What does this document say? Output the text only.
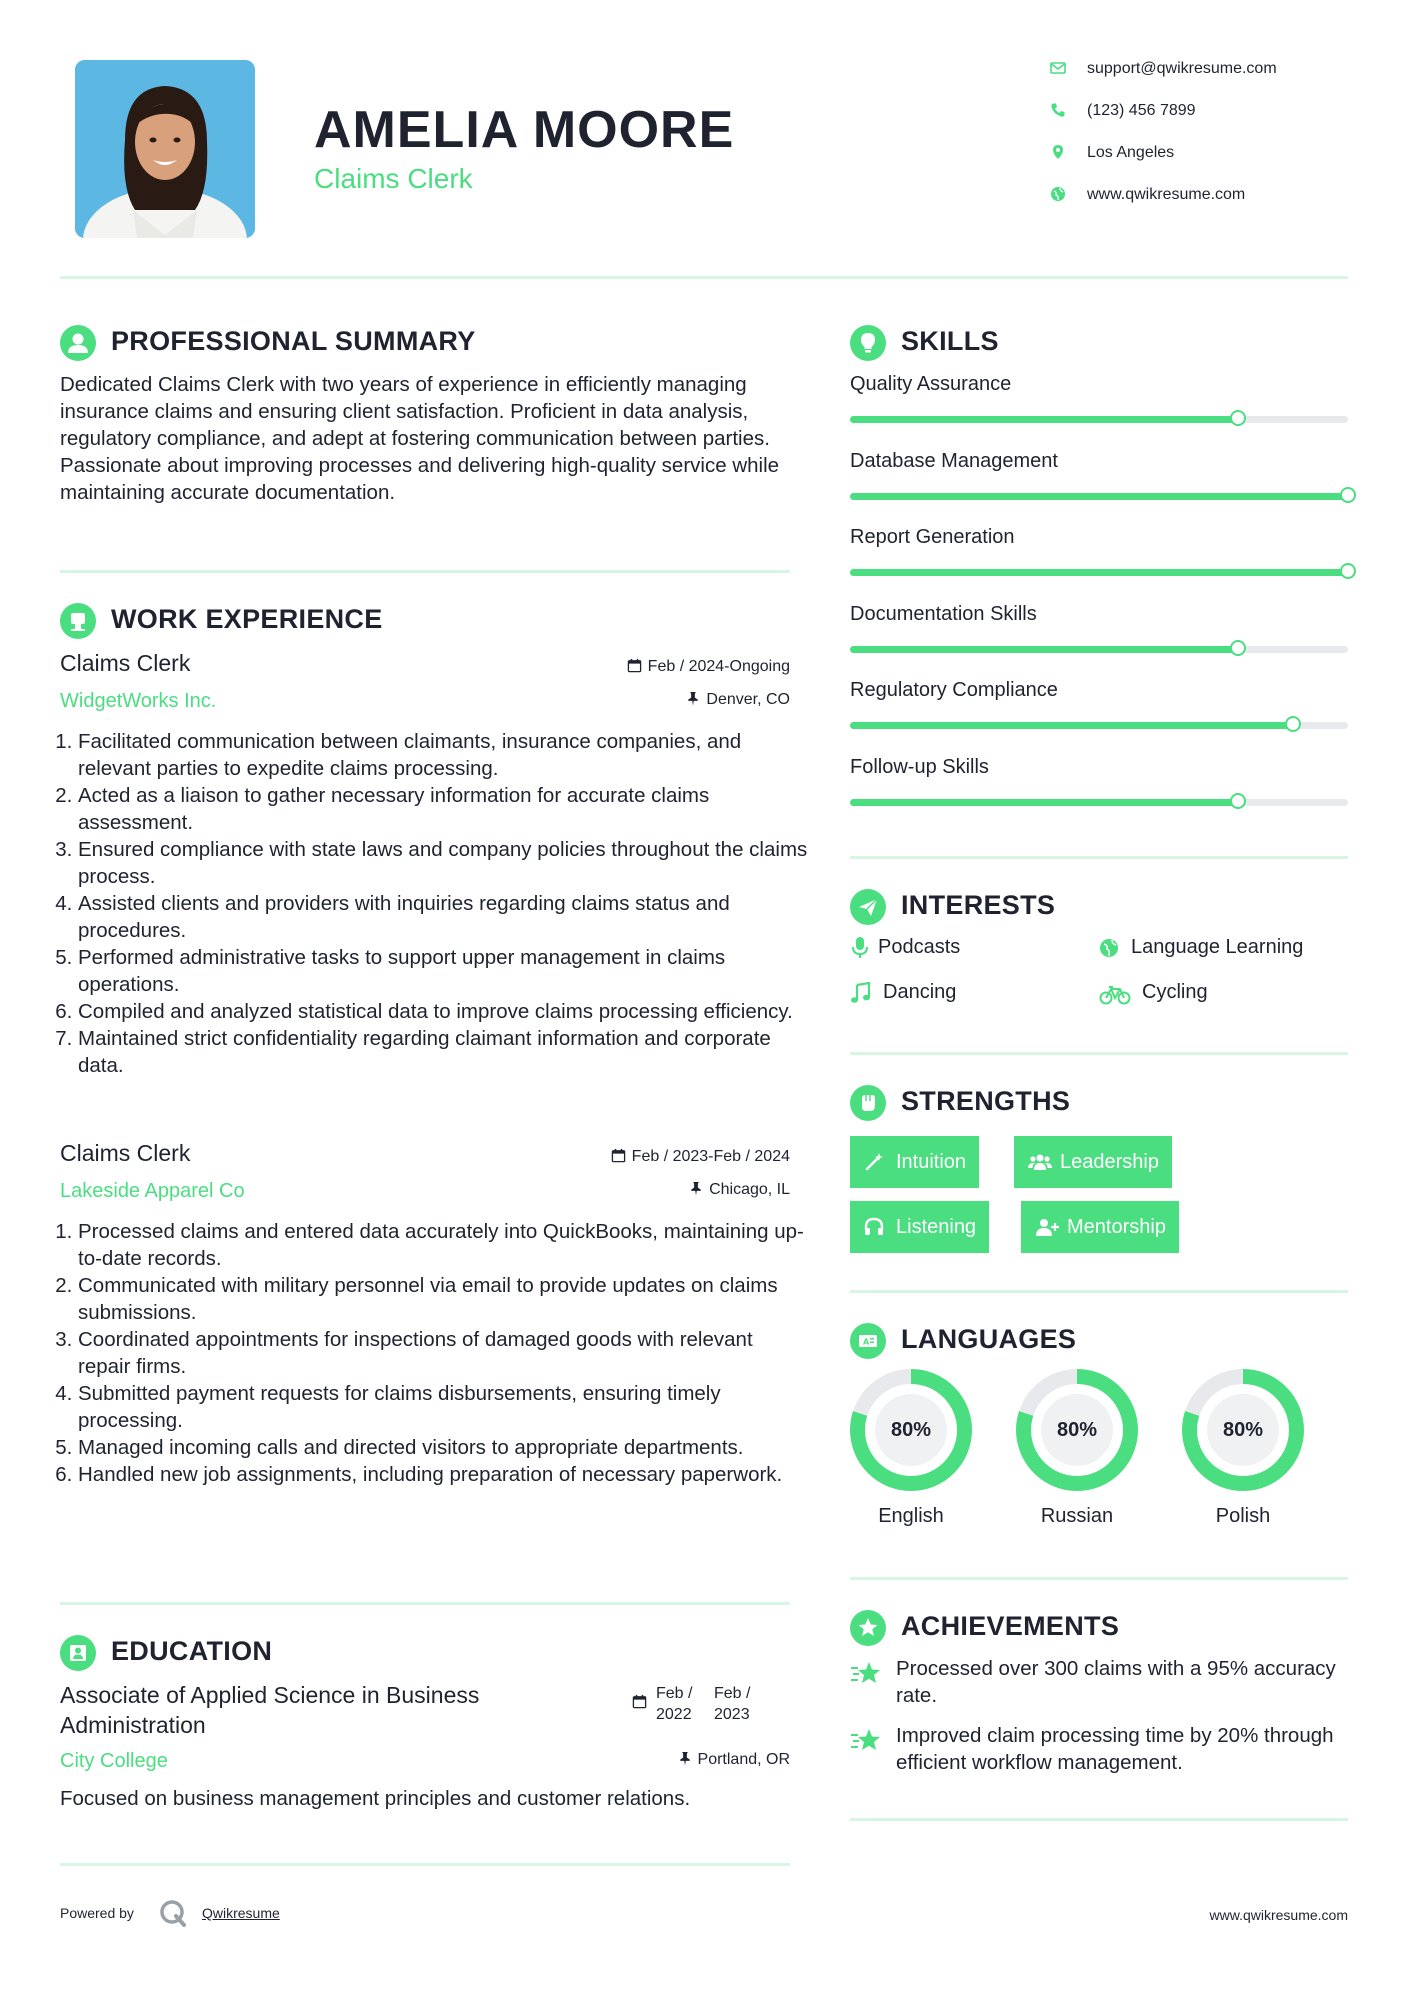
AMELIA MOORE
Claims Clerk
support@qwikresume.com
(123) 456 7899
Los Angeles
www.qwikresume.com
PROFESSIONAL SUMMARY
Dedicated Claims Clerk with two years of experience in efficiently managing insurance claims and ensuring client satisfaction. Proficient in data analysis, regulatory compliance, and adept at fostering communication between parties. Passionate about improving processes and delivering high-quality service while maintaining accurate documentation.
WORK EXPERIENCE
Claims Clerk	Feb / 2024-Ongoing
WidgetWorks Inc.	Denver, CO
1. Facilitated communication between claimants, insurance companies, and relevant parties to expedite claims processing.
2. Acted as a liaison to gather necessary information for accurate claims assessment.
3. Ensured compliance with state laws and company policies throughout the claims process.
4. Assisted clients and providers with inquiries regarding claims status and procedures.
5. Performed administrative tasks to support upper management in claims operations.
6. Compiled and analyzed statistical data to improve claims processing efficiency.
7. Maintained strict confidentiality regarding claimant information and corporate data.
Claims Clerk	Feb / 2023-Feb / 2024
Lakeside Apparel Co	Chicago, IL
1. Processed claims and entered data accurately into QuickBooks, maintaining up-to-date records.
2. Communicated with military personnel via email to provide updates on claims submissions.
3. Coordinated appointments for inspections of damaged goods with relevant repair firms.
4. Submitted payment requests for claims disbursements, ensuring timely processing.
5. Managed incoming calls and directed visitors to appropriate departments.
6. Handled new job assignments, including preparation of necessary paperwork.
EDUCATION
Associate of Applied Science in Business Administration
Feb / 2022
Feb / 2023
City College	Portland, OR
Focused on business management principles and customer relations.
SKILLS
Quality Assurance
Database Management
Report Generation
Documentation Skills
Regulatory Compliance
Follow-up Skills
INTERESTS
Podcasts	Language Learning
Dancing	Cycling
STRENGTHS
Intuition	Leadership
Listening	Mentorship
A LANGUAGES
80%
English
80%
Russian
80%
Polish
ACHIEVEMENTS
Processed over 300 claims with a 95% accuracy rate.
Improved claim processing time by 20% through efficient workflow management.
Powered by	Qwikresume	www.qwikresume.com
